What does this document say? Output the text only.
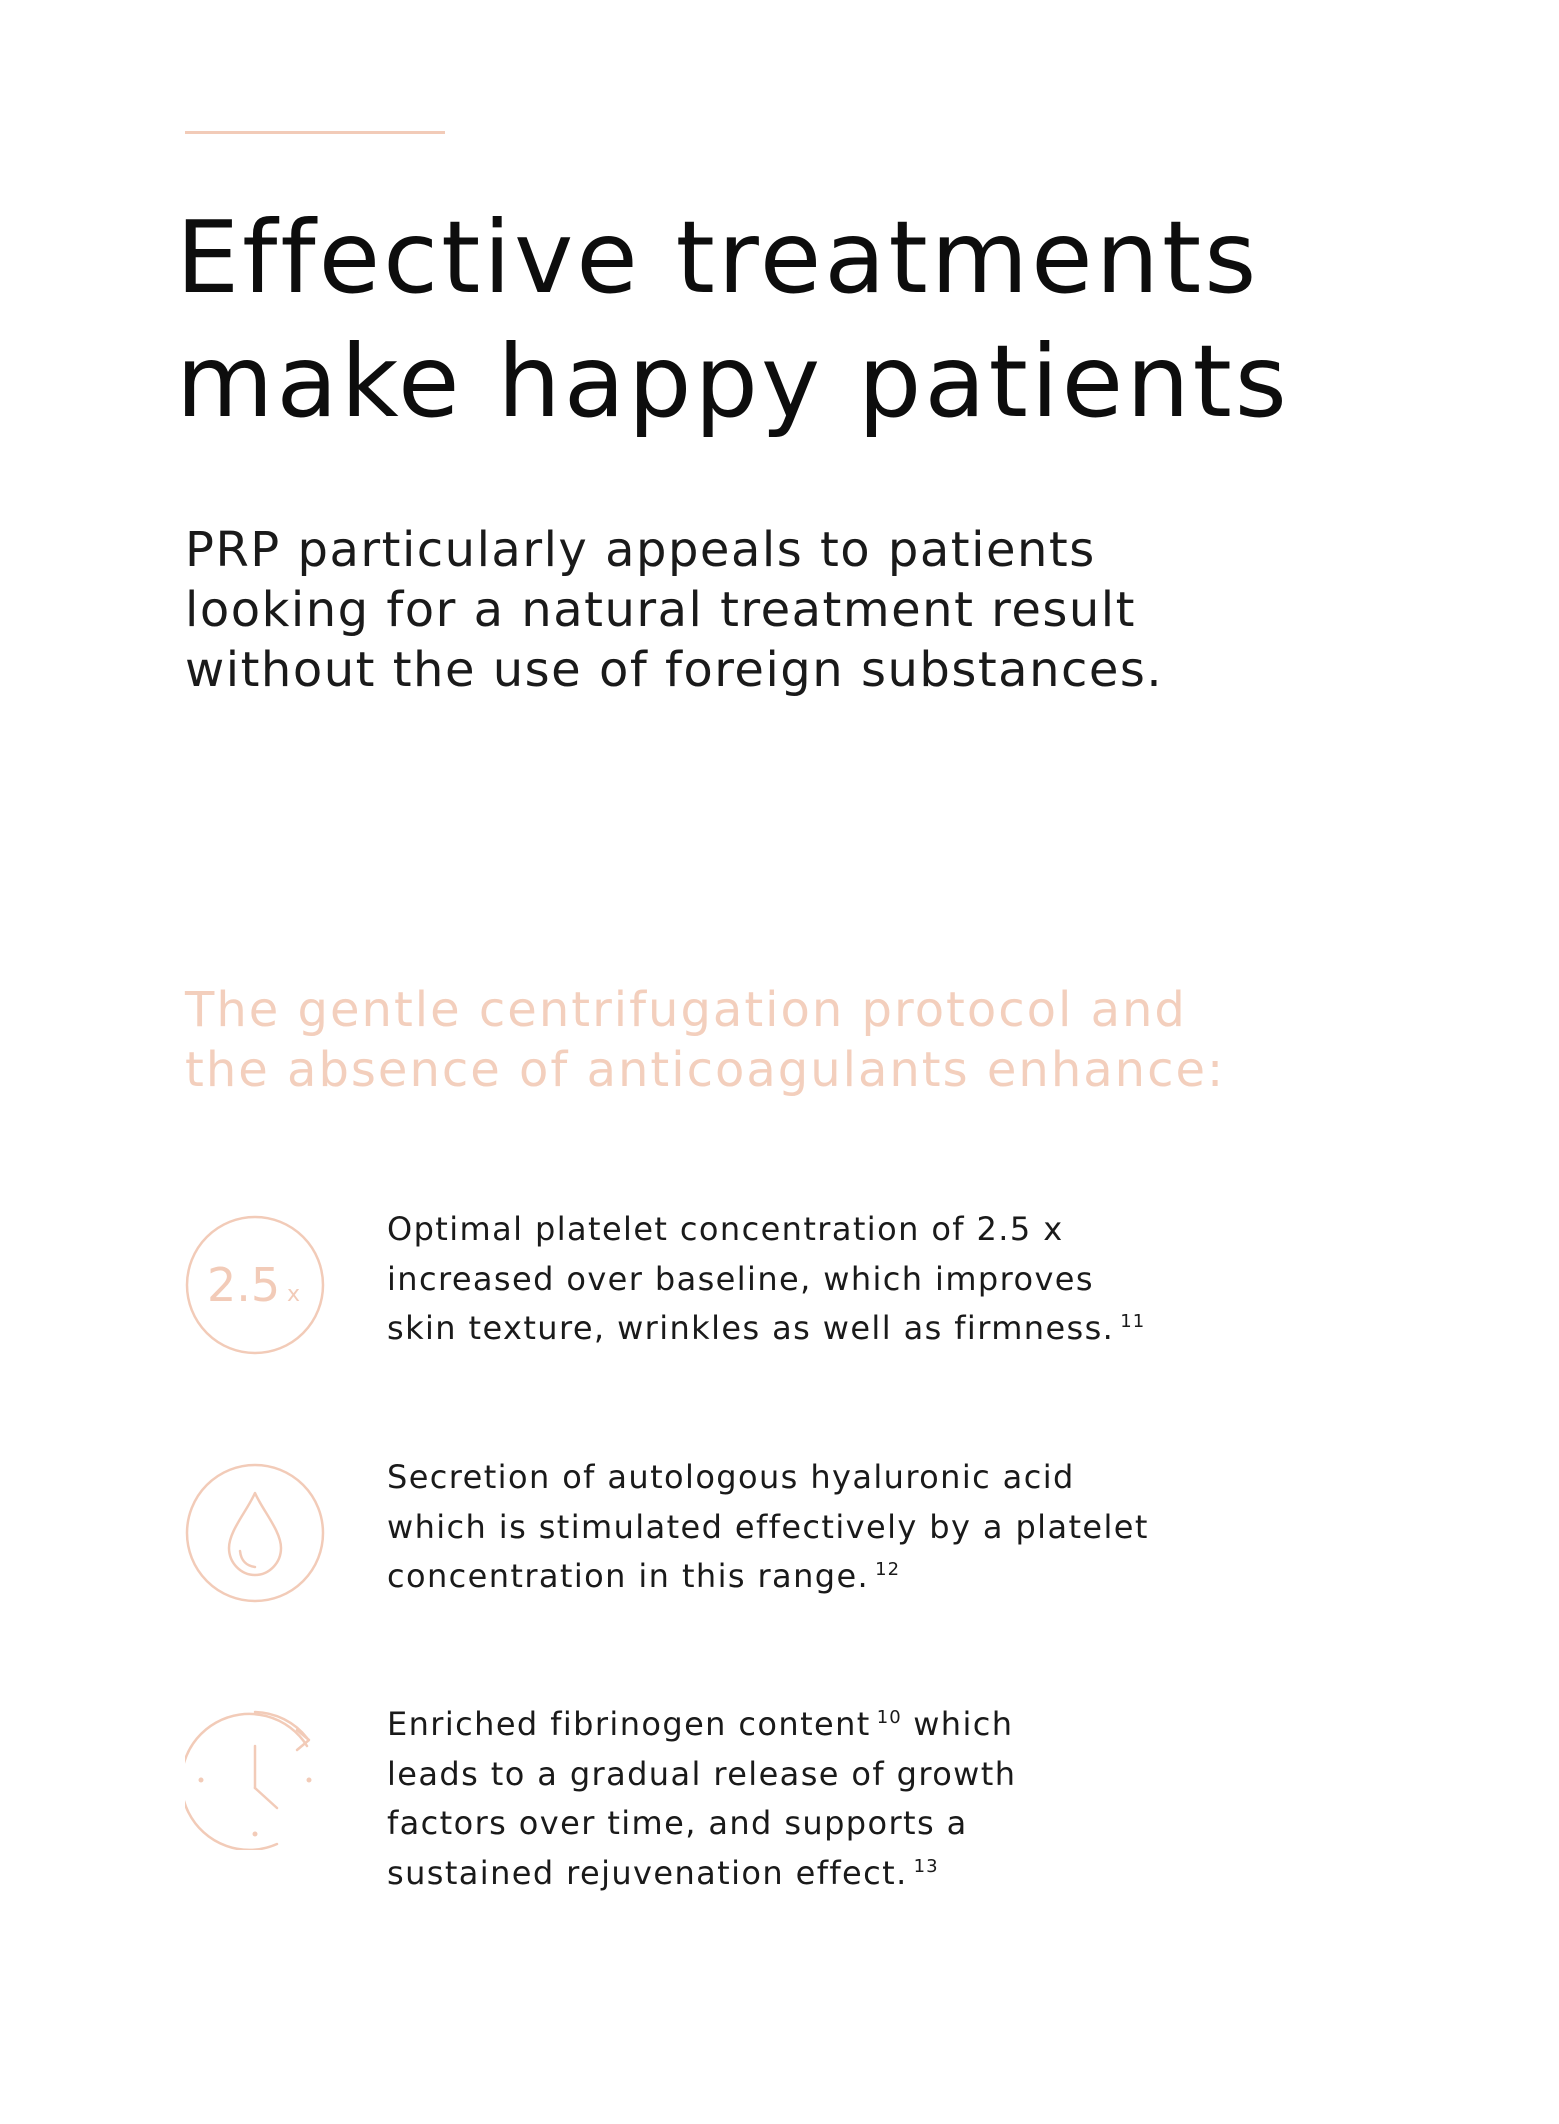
Effective treatments
make happy patients

PRP particularly appeals to patients
looking for a natural treatment result
without the use of foreign substances.

The gentle centrifugation protocol and
the absence of anticoagulants enhance:
2.5 x
Optimal platelet concentration of 2.5 x
increased over baseline, which improves
skin texture, wrinkles as well as firmness. $^{11}$
Secretion of autologous hyaluronic acid
which is stimulated effectively by a platelet
concentration in this range. $^{12}$
Enriched fibrinogen content $^{10}$ which
leads to a gradual release of growth
factors over time, and supports a
sustained rejuvenation effect. $^{13}$
